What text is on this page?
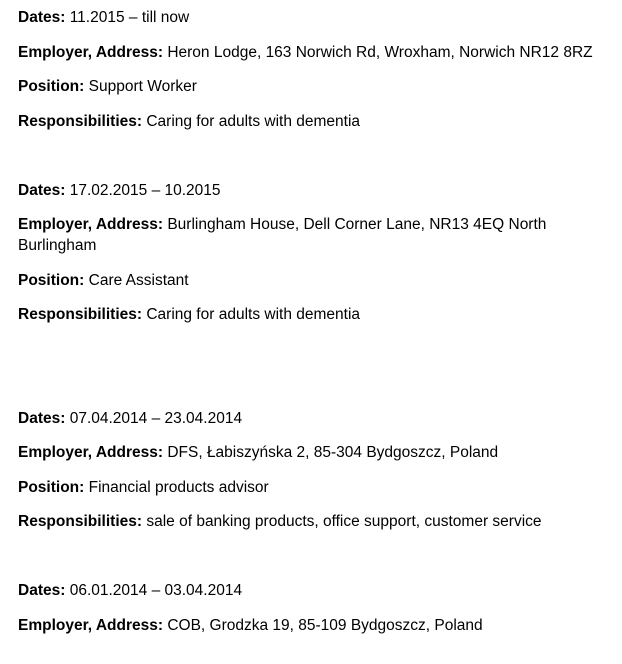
Dates: 11.2015 – till now
Employer, Address: Heron Lodge, 163 Norwich Rd, Wroxham, Norwich NR12 8RZ
Position: Support Worker
Responsibilities: Caring for adults with dementia
Dates: 17.02.2015 – 10.2015
Employer, Address: Burlingham House, Dell Corner Lane, NR13 4EQ North Burlingham
Position: Care Assistant
Responsibilities: Caring for adults with dementia
Dates: 07.04.2014 – 23.04.2014
Employer, Address: DFS, Łabiszyńska 2, 85-304 Bydgoszcz, Poland
Position: Financial products advisor
Responsibilities: sale of banking products, office support, customer service
Dates: 06.01.2014 – 03.04.2014
Employer, Address: COB, Grodzka 19, 85-109 Bydgoszcz, Poland
